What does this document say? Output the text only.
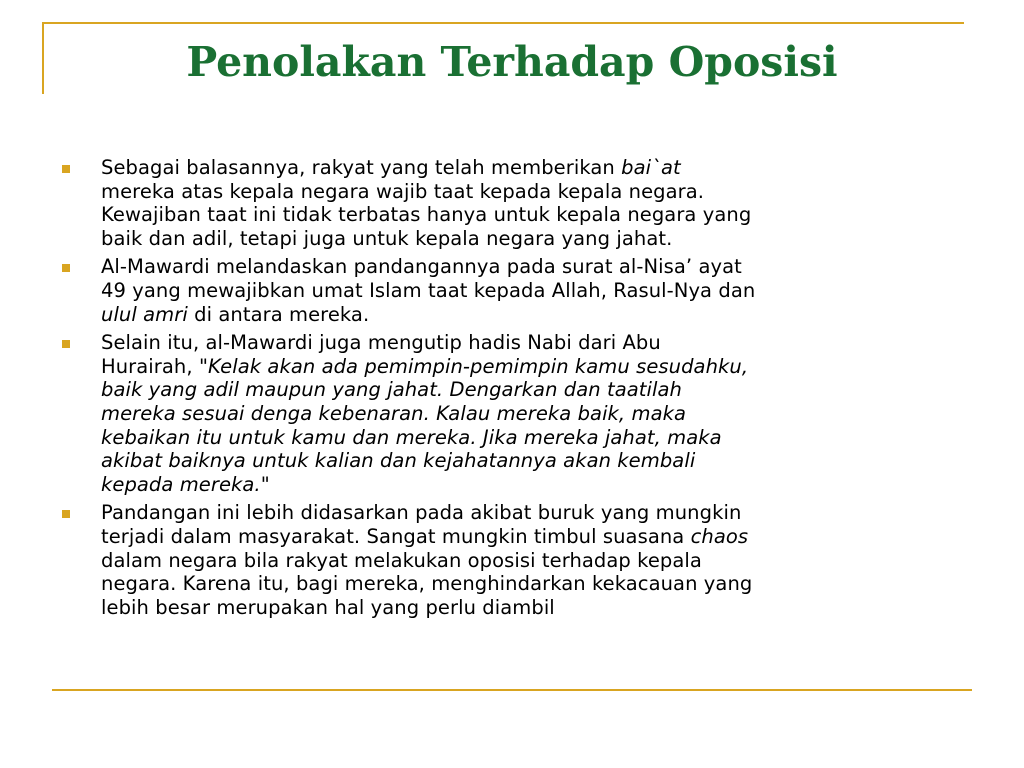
Penolakan Terhadap Oposisi
Sebagai balasannya, rakyat yang telah memberikan bai`at
mereka atas kepala negara wajib taat kepada kepala negara.
Kewajiban taat ini tidak terbatas hanya untuk kepala negara yang
baik dan adil, tetapi juga untuk kepala negara yang jahat.
Al-Mawardi melandaskan pandangannya pada surat al-Nisa’ ayat
49 yang mewajibkan umat Islam taat kepada Allah, Rasul-Nya dan
ulul amri di antara mereka.
Selain itu, al-Mawardi juga mengutip hadis Nabi dari Abu
Hurairah, "Kelak akan ada pemimpin-pemimpin kamu sesudahku,
baik yang adil maupun yang jahat. Dengarkan dan taatilah
mereka sesuai denga kebenaran. Kalau mereka baik, maka
kebaikan itu untuk kamu dan mereka. Jika mereka jahat, maka
akibat baiknya untuk kalian dan kejahatannya akan kembali
kepada mereka."
Pandangan ini lebih didasarkan pada akibat buruk yang mungkin
terjadi dalam masyarakat. Sangat mungkin timbul suasana chaos
dalam negara bila rakyat melakukan oposisi terhadap kepala
negara. Karena itu, bagi mereka, menghindarkan kekacauan yang
lebih besar merupakan hal yang perlu diambil
